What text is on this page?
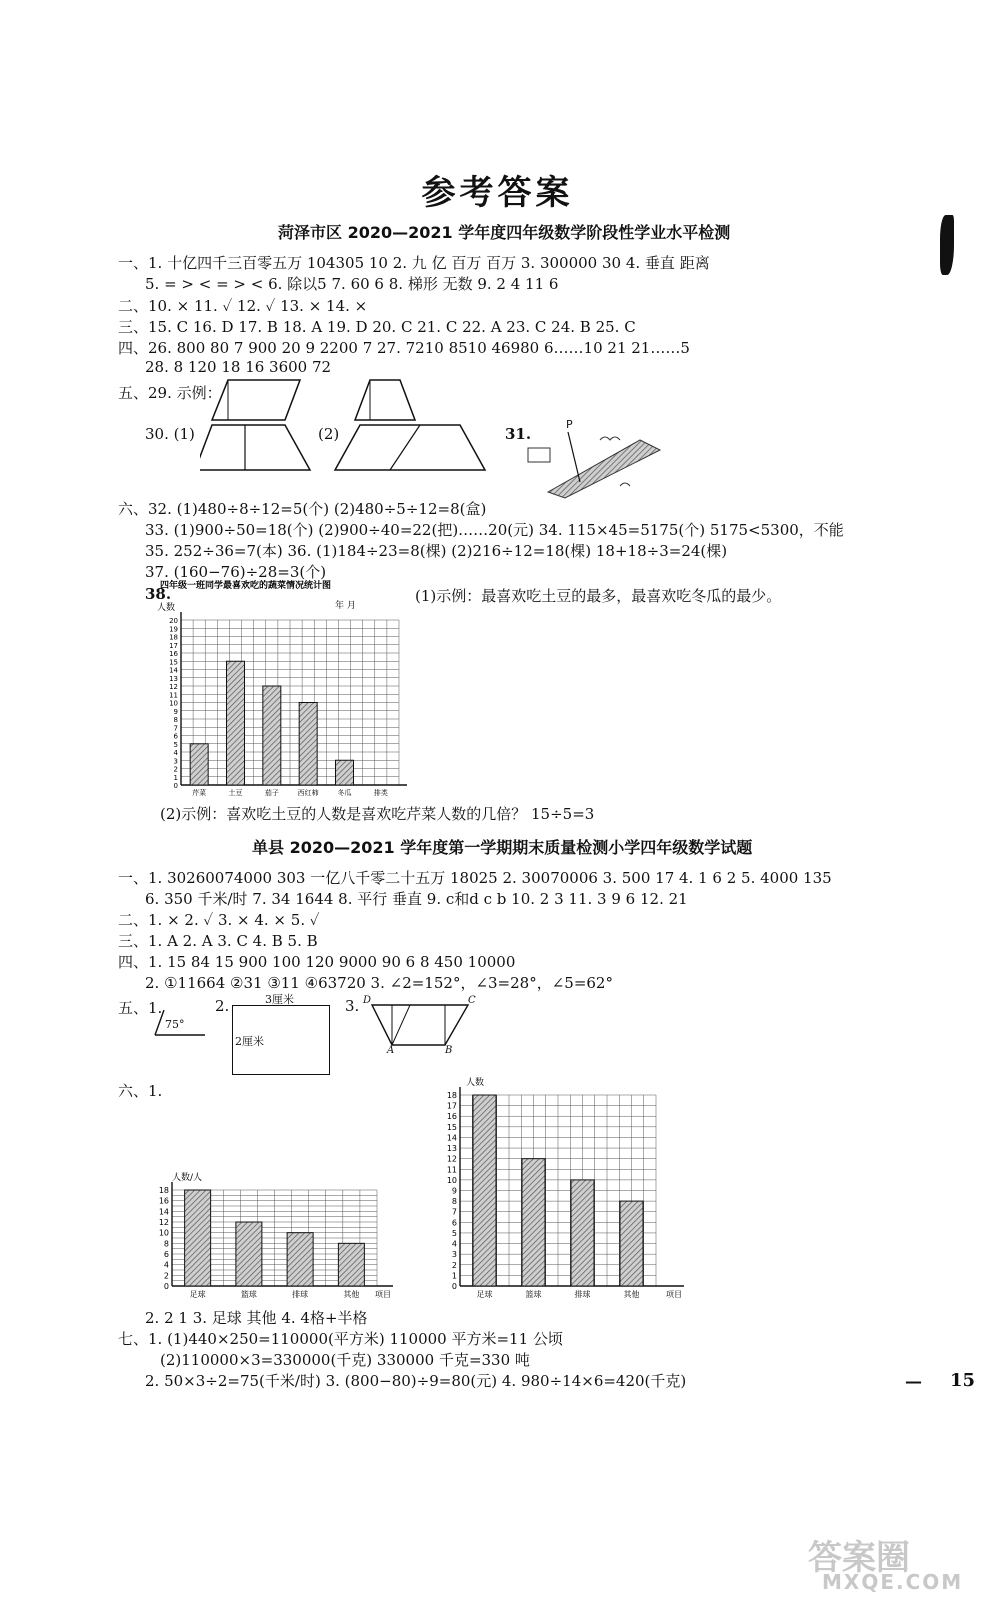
参考答案
菏泽市区 2020—2021 学年度四年级数学阶段性学业水平检测
一、1. 十亿四千三百零五万 104305 10 2. 九 亿 百万 百万 3. 300000 30 4. 垂直 距离
5. = > < = > < 6. 除以5 7. 60 6 8. 梯形 无数 9. 2 4 11 6
二、10. × 11. ✓ 12. ✓ 13. × 14. ×
三、15. C 16. D 17. B 18. A 19. D 20. C 21. C 22. A 23. C 24. B 25. C
四、26. 800 80 7 900 20 9 2200 7 27. 7210 8510 46980 6……10 21 21……5
28. 8 120 18 16 3600 72
五、29. 示例：
30. (1)	(2)	31.
P
六、32. (1)480÷8÷12=5(个) (2)480÷5÷12=8(盒)
33. (1)900÷50=18(个) (2)900÷40=22(把)……20(元) 34. 115×45=5175(个) 5175<5300，不能
35. 252÷36=7(本) 36. (1)184÷23=8(棵) (2)216÷12=18(棵) 18+18÷3=24(棵)
37. (160−76)÷28=3(个)
38.	(1)示例：最喜欢吃土豆的最多，最喜欢吃冬瓜的最少。
(2)示例：喜欢吃土豆的人数是喜欢吃芹菜人数的几倍？ 15÷5=3
0
1
2
3
4
5
6
7
8
9
10
11
12
13
14
15
16
17
18
19
20
芹菜	土豆	茄子	西红柿	冬瓜	排类
人数
四年级一班同学最喜欢吃的蔬菜情况统计图
年 月
单县 2020—2021 学年度第一学期期末质量检测小学四年级数学试题
一、1. 30260074000 303 一亿八千零二十五万 18025 2. 30070006 3. 500 17 4. 1 6 2 5. 4000 135
6. 350 千米/时 7. 34 1644 8. 平行 垂直 9. c和d c b 10. 2 3 11. 3 9 6 12. 21
二、1. × 2. ✓ 3. × 4. × 5. ✓
三、1. A 2. A 3. C 4. B 5. B
四、1. 15 84 15 900 100 120 9000 90 6 8 450 10000
2. ①11664 ②31 ③11 ④63720 3. ∠2=152°，∠3=28°，∠5=62°
五、1.
75°
2.	3厘米
2厘米
3. D	C
A	B
六、1.
0
2
4
6
8
10
12
14
16
18
足球	篮球	排球	其他
人数/人
项目
0
1
2
3
4
5
6
7
8
9
10
11
12
13
14
15
16
17
18
足球	篮球	排球	其他
人数
项目
2. 2 1 3. 足球 其他 4. 4格+半格
七、1. (1)440×250=110000(平方米) 110000 平方米=11 公顷
(2)110000×3=330000(千克) 330000 千克=330 吨
2. 50×3÷2=75(千米/时) 3. (800−80)÷9=80(元) 4. 980÷14×6=420(千克)	— 15
答案圈
MXQE.COM
